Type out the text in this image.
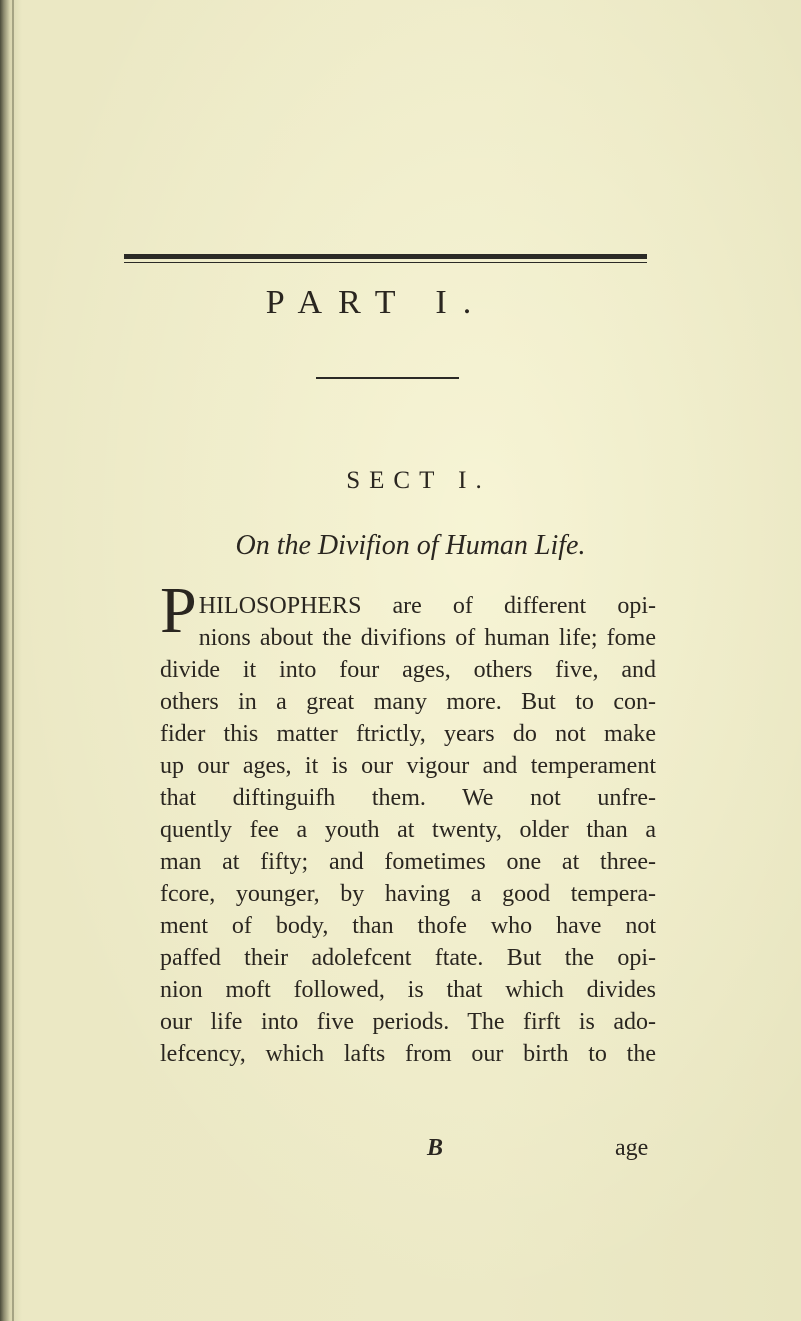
PART I.
SECT I.
On the Divifion of Human Life.
P HILOSOPHERS are of different opi-
nions about the divifions of human life; fome
divide it into four ages, others five, and
others in a great many more. But to con-
fider this matter ftrictly, years do not make
up our ages, it is our vigour and temperament
that diftinguifh them. We not unfre-
quently fee a youth at twenty, older than a
man at fifty; and fometimes one at three-
fcore, younger, by having a good tempera-
ment of body, than thofe who have not
paffed their adolefcent ftate. But the opi-
nion moft followed, is that which divides
our life into five periods. The firft is ado-
lefcency, which lafts from our birth to the
B	age
